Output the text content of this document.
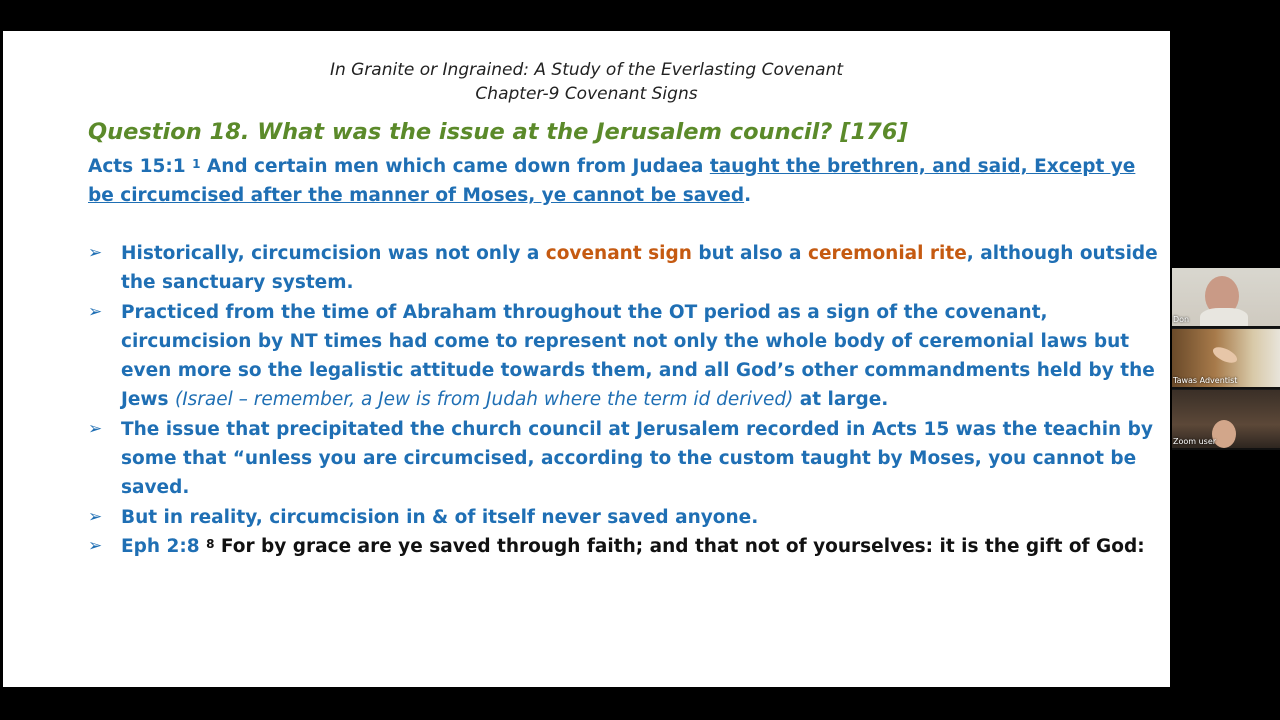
In Granite or Ingrained: A Study of the Everlasting Covenant
Chapter-9 Covenant Signs
Question 18. What was the issue at the Jerusalem council? [176]
Acts 15:1 $^1$ And certain men which came down from Judaea taught the brethren, and said, Except ye be circumcised after the manner of Moses, ye cannot be saved.
➢ Historically, circumcision was not only a covenant sign but also a ceremonial rite, although outside the sanctuary system.
➢ Practiced from the time of Abraham throughout the OT period as a sign of the covenant, circumcision by NT times had come to represent not only the whole body of ceremonial laws but even more so the legalistic attitude towards them, and all God’s other commandments held by the Jews (Israel – remember, a Jew is from Judah where the term id derived) at large.
➢ The issue that precipitated the church council at Jerusalem recorded in Acts 15 was the teachin by some that “unless you are circumcised, according to the custom taught by Moses, you cannot be saved.
➢ But in reality, circumcision in & of itself never saved anyone.
➢ Eph 2:8 $^8$ For by grace are ye saved through faith; and that not of yourselves: it is the gift of God:
Don
Tawas Adventist
Zoom user
